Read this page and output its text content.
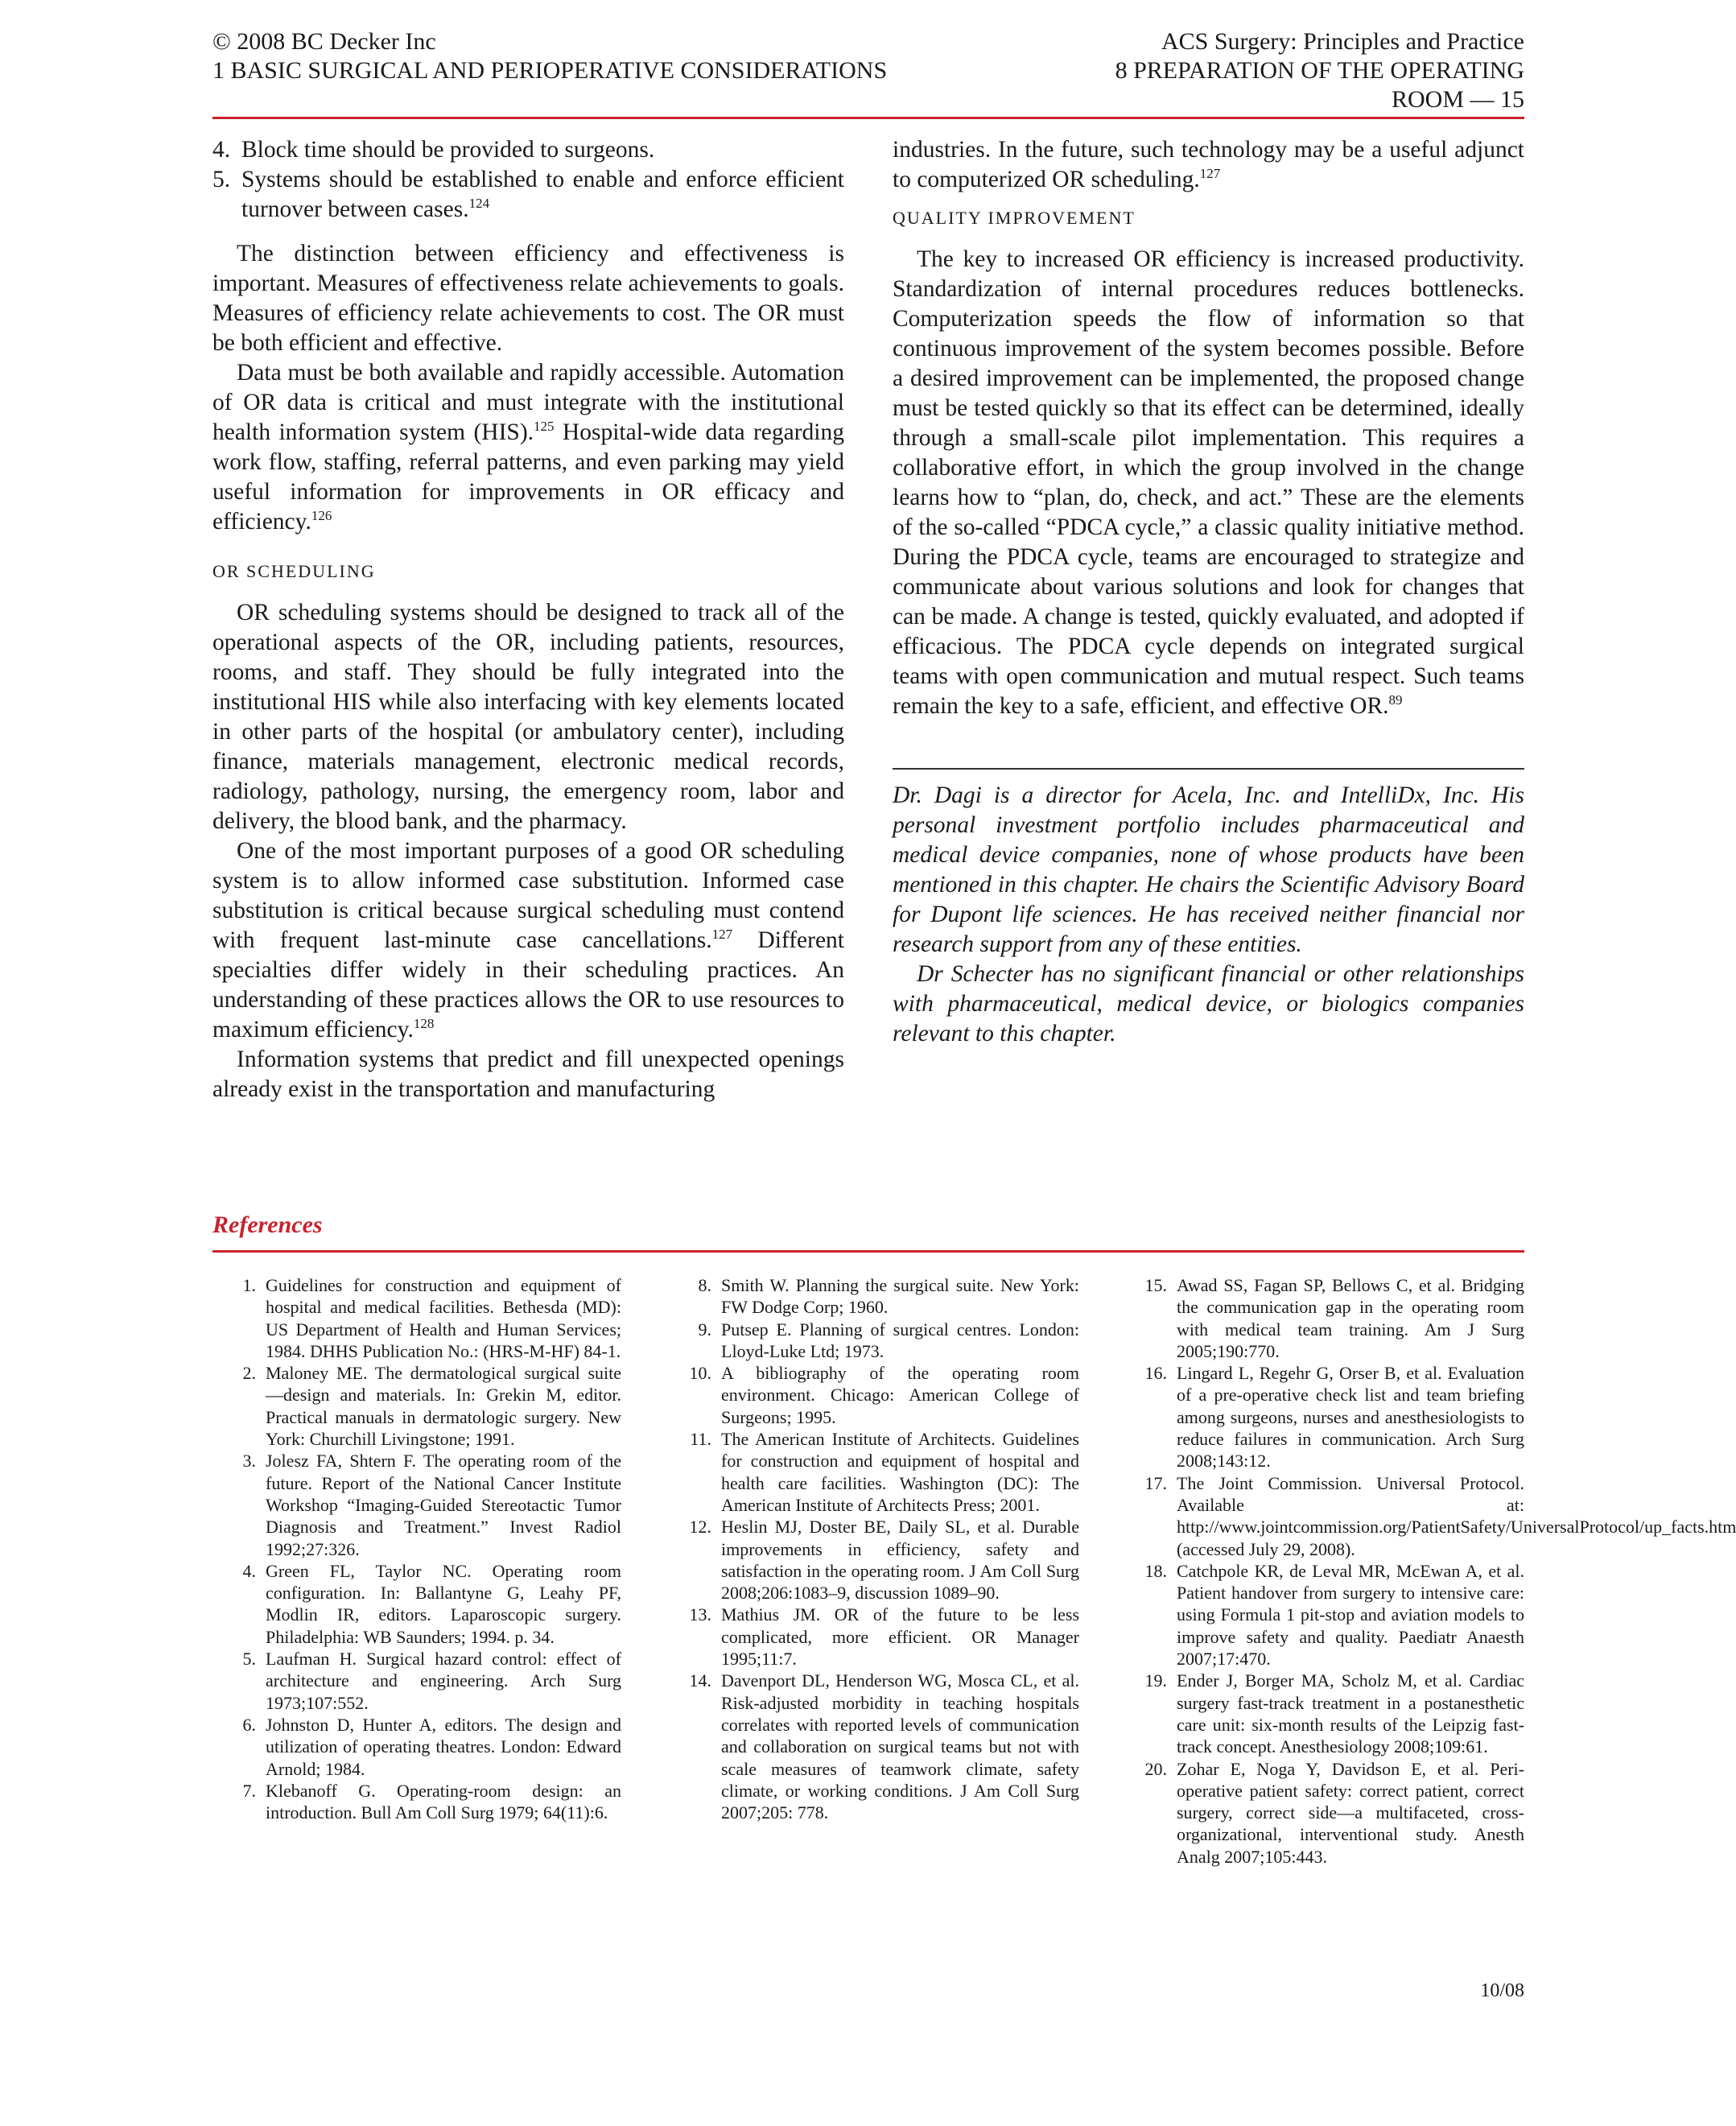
© 2008 BC Decker Inc
1 BASIC SURGICAL AND PERIOPERATIVE CONSIDERATIONS
ACS Surgery: Principles and Practice
8 PREPARATION OF THE OPERATING
ROOM — 15
4. Block time should be provided to surgeons.
5. Systems should be established to enable and enforce efficient turnover between cases.$^{124}$

The distinction between efficiency and effectiveness is important. Measures of effectiveness relate achievements to goals. Measures of efficiency relate achievements to cost. The OR must be both efficient and effective.

Data must be both available and rapidly accessible. Automation of OR data is critical and must integrate with the institutional health information system (HIS).$^{125}$ Hospital-wide data regarding work flow, staffing, referral patterns, and even parking may yield useful information for improvements in OR efficacy and efficiency.$^{126}$

OR SCHEDULING

OR scheduling systems should be designed to track all of the operational aspects of the OR, including patients, resources, rooms, and staff. They should be fully integrated into the institutional HIS while also interfacing with key elements located in other parts of the hospital (or ambulatory center), including finance, materials management, electronic medical records, radiology, pathology, nursing, the emergency room, labor and delivery, the blood bank, and the pharmacy.

One of the most important purposes of a good OR scheduling system is to allow informed case substitution. Informed case substitution is critical because surgical scheduling must contend with frequent last-minute case cancellations.$^{127}$ Different specialties differ widely in their scheduling practices. An understanding of these practices allows the OR to use resources to maximum efficiency.$^{128}$

Information systems that predict and fill unexpected openings already exist in the transportation and manufacturing

industries. In the future, such technology may be a useful adjunct to computerized OR scheduling.$^{127}$

QUALITY IMPROVEMENT

The key to increased OR efficiency is increased productivity. Standardization of internal procedures reduces bottlenecks. Computerization speeds the flow of information so that continuous improvement of the system becomes possible. Before a desired improvement can be implemented, the proposed change must be tested quickly so that its effect can be determined, ideally through a small-scale pilot implementation. This requires a collaborative effort, in which the group involved in the change learns how to “plan, do, check, and act.” These are the elements of the so-called “PDCA cycle,” a classic quality initiative method. During the PDCA cycle, teams are encouraged to strategize and communicate about various solutions and look for changes that can be made. A change is tested, quickly evaluated, and adopted if efficacious. The PDCA cycle depends on integrated surgical teams with open communication and mutual respect. Such teams remain the key to a safe, efficient, and effective OR.$^{89}$

Dr. Dagi is a director for Acela, Inc. and IntelliDx, Inc. His personal investment portfolio includes pharmaceutical and medical device companies, none of whose products have been mentioned in this chapter. He chairs the Scientific Advisory Board for Dupont life sciences. He has received neither financial nor research support from any of these entities.

Dr Schecter has no significant financial or other relationships with pharmaceutical, medical device, or biologics companies relevant to this chapter.

References
1. Guidelines for construction and equipment of hospital and medical facilities. Bethesda (MD): US Department of Health and Human Services; 1984. DHHS Publication No.: (HRS-M-HF) 84-1.
2. Maloney ME. The dermatological surgical suite—design and materials. In: Grekin M, editor. Practical manuals in dermatologic surgery. New York: Churchill Livingstone; 1991.
3. Jolesz FA, Shtern F. The operating room of the future. Report of the National Cancer Institute Workshop “Imaging-Guided Stereotactic Tumor Diagnosis and Treatment.” Invest Radiol 1992;27:326.
4. Green FL, Taylor NC. Operating room configuration. In: Ballantyne G, Leahy PF, Modlin IR, editors. Laparoscopic surgery. Philadelphia: WB Saunders; 1994. p. 34.
5. Laufman H. Surgical hazard control: effect of architecture and engineering. Arch Surg 1973;107:552.
6. Johnston D, Hunter A, editors. The design and utilization of operating theatres. London: Edward Arnold; 1984.
7. Klebanoff G. Operating-room design: an introduction. Bull Am Coll Surg 1979; 64(11):6.
8. Smith W. Planning the surgical suite. New York: FW Dodge Corp; 1960.
9. Putsep E. Planning of surgical centres. London: Lloyd-Luke Ltd; 1973.
10. A bibliography of the operating room environment. Chicago: American College of Surgeons; 1995.
11. The American Institute of Architects. Guidelines for construction and equipment of hospital and health care facilities. Washington (DC): The American Institute of Architects Press; 2001.
12. Heslin MJ, Doster BE, Daily SL, et al. Durable improvements in efficiency, safety and satisfaction in the operating room. J Am Coll Surg 2008;206:1083–9, discussion 1089–90.
13. Mathius JM. OR of the future to be less complicated, more efficient. OR Manager 1995;11:7.
14. Davenport DL, Henderson WG, Mosca CL, et al. Risk-adjusted morbidity in teaching hospitals correlates with reported levels of communication and collaboration on surgical teams but not with scale measures of teamwork climate, safety climate, or working conditions. J Am Coll Surg 2007;205: 778.
15. Awad SS, Fagan SP, Bellows C, et al. Bridging the communication gap in the operating room with medical team training. Am J Surg 2005;190:770.
16. Lingard L, Regehr G, Orser B, et al. Evaluation of a pre-operative check list and team briefing among surgeons, nurses and anesthesiologists to reduce failures in communication. Arch Surg 2008;143:12.
17. The Joint Commission. Universal Protocol. Available at: http://www.jointcommission.org/PatientSafety/UniversalProtocol/up_facts.htm (accessed July 29, 2008).
18. Catchpole KR, de Leval MR, McEwan A, et al. Patient handover from surgery to intensive care: using Formula 1 pit-stop and aviation models to improve safety and quality. Paediatr Anaesth 2007;17:470.
19. Ender J, Borger MA, Scholz M, et al. Cardiac surgery fast-track treatment in a postanesthetic care unit: six-month results of the Leipzig fast-track concept. Anesthesiology 2008;109:61.
20. Zohar E, Noga Y, Davidson E, et al. Peri-operative patient safety: correct patient, correct surgery, correct side—a multifaceted, cross-organizational, interventional study. Anesth Analg 2007;105:443.
10/08
